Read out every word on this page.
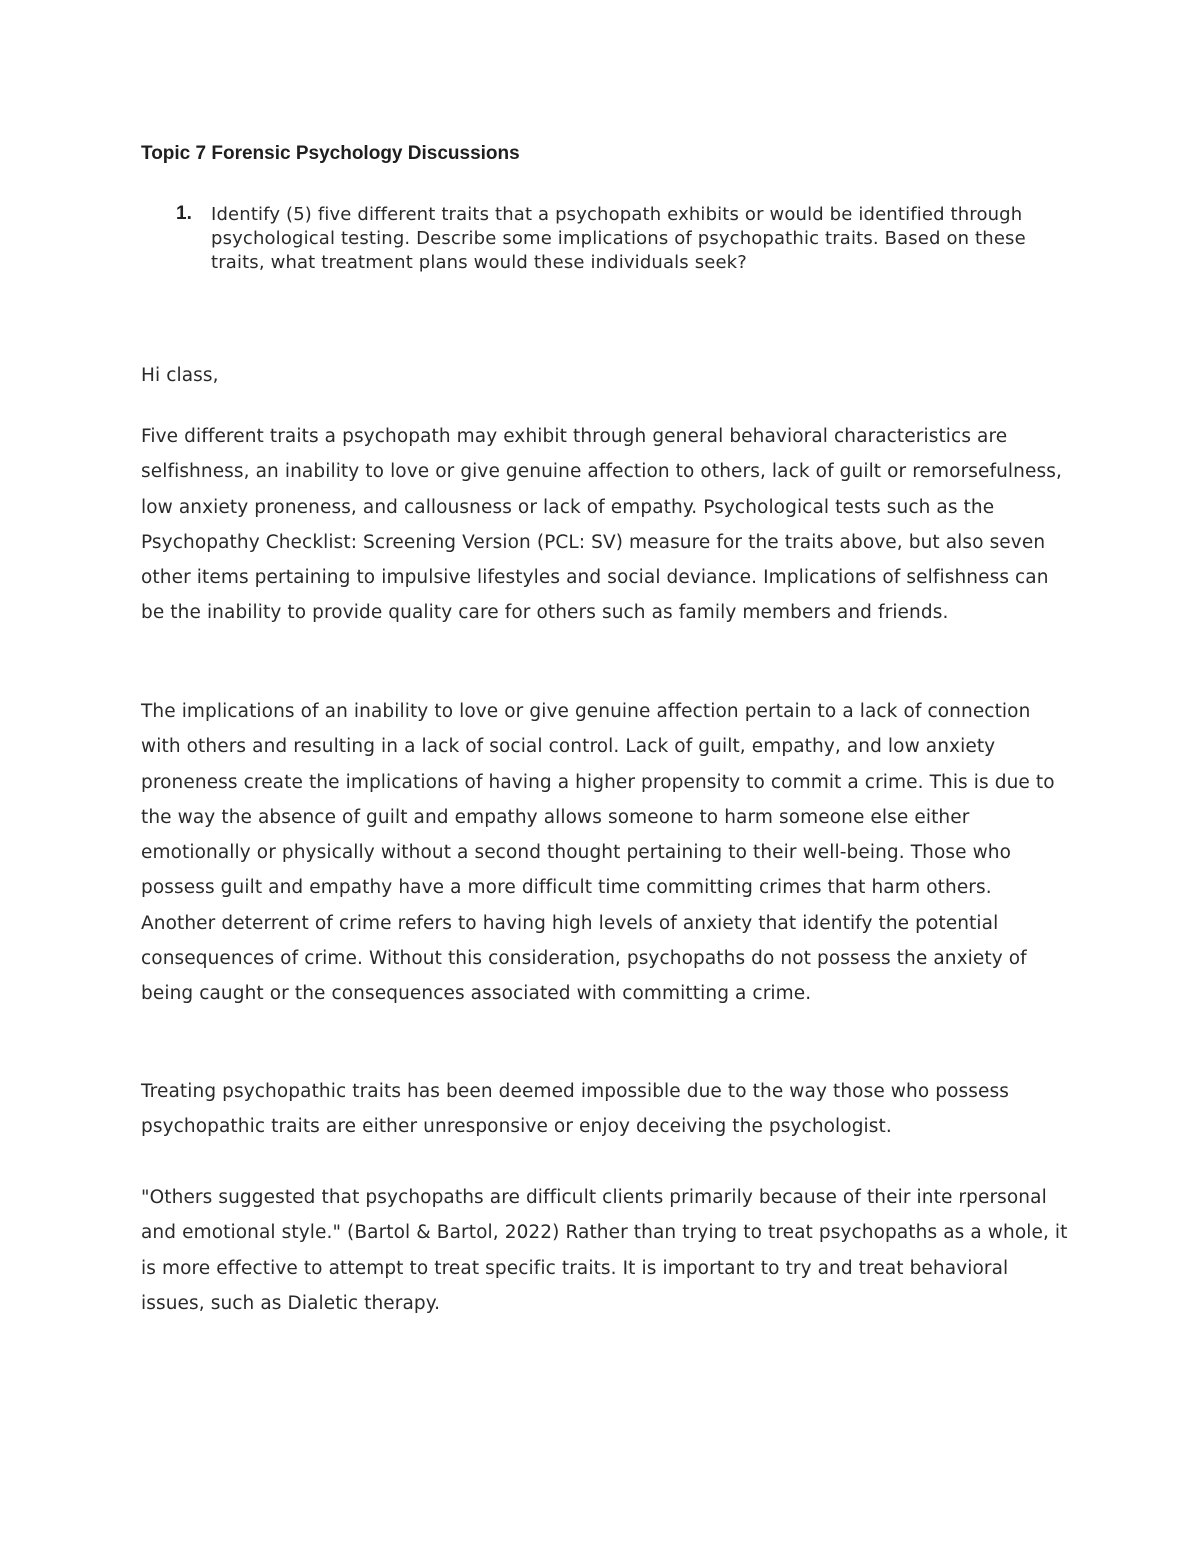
Topic 7 Forensic Psychology Discussions
1.	Identify (5) five different traits that a psychopath exhibits or would be identified through psychological testing. Describe some implications of psychopathic traits. Based on these traits, what treatment plans would these individuals seek?

Hi class,

Five different traits a psychopath may exhibit through general behavioral characteristics are selfishness, an inability to love or give genuine affection to others, lack of guilt or remorsefulness, low anxiety proneness, and callousness or lack of empathy. Psychological tests such as the Psychopathy Checklist: Screening Version (PCL: SV) measure for the traits above, but also seven other items pertaining to impulsive lifestyles and social deviance. Implications of selfishness can be the inability to provide quality care for others such as family members and friends.

The implications of an inability to love or give genuine affection pertain to a lack of connection with others and resulting in a lack of social control. Lack of guilt, empathy, and low anxiety proneness create the implications of having a higher propensity to commit a crime. This is due to the way the absence of guilt and empathy allows someone to harm someone else either emotionally or physically without a second thought pertaining to their well-being. Those who possess guilt and empathy have a more difficult time committing crimes that harm others. Another deterrent of crime refers to having high levels of anxiety that identify the potential consequences of crime. Without this consideration, psychopaths do not possess the anxiety of being caught or the consequences associated with committing a crime.

Treating psychopathic traits has been deemed impossible due to the way those who possess psychopathic traits are either unresponsive or enjoy deceiving the psychologist.

"Others suggested that psychopaths are difficult clients primarily because of their inte rpersonal and emotional style." (Bartol & Bartol, 2022) Rather than trying to treat psychopaths as a whole, it is more effective to attempt to treat specific traits. It is important to try and treat behavioral issues, such as Dialetic therapy.
